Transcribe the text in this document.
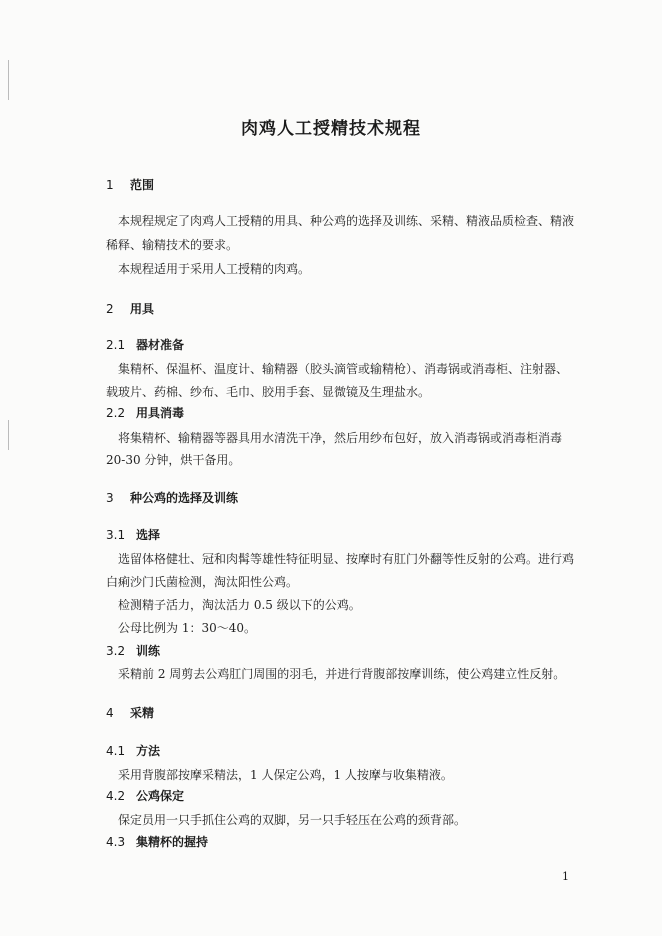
肉鸡人工授精技术规程
1 范围
本规程规定了肉鸡人工授精的用具、种公鸡的选择及训练、采精、精液品质检查、精液
稀释、输精技术的要求。
本规程适用于采用人工授精的肉鸡。
2 用具
2.1 器材准备
集精杯、保温杯、温度计、输精器（胶头滴管或输精枪）、消毒锅或消毒柜、注射器、
载玻片、药棉、纱布、毛巾、胶用手套、显微镜及生理盐水。
2.2 用具消毒
将集精杯、输精器等器具用水清洗干净，然后用纱布包好，放入消毒锅或消毒柜消毒
20-30 分钟，烘干备用。
3 种公鸡的选择及训练
3.1 选择
选留体格健壮、冠和肉髯等雄性特征明显、按摩时有肛门外翻等性反射的公鸡。进行鸡
白痢沙门氏菌检测，淘汰阳性公鸡。
检测精子活力，淘汰活力 0.5 级以下的公鸡。
公母比例为 1：30～40。
3.2 训练
采精前 2 周剪去公鸡肛门周围的羽毛，并进行背腹部按摩训练，使公鸡建立性反射。
4 采精
4.1 方法
采用背腹部按摩采精法，1 人保定公鸡，1 人按摩与收集精液。
4.2 公鸡保定
保定员用一只手抓住公鸡的双脚，另一只手轻压在公鸡的颈背部。
4.3 集精杯的握持
1
